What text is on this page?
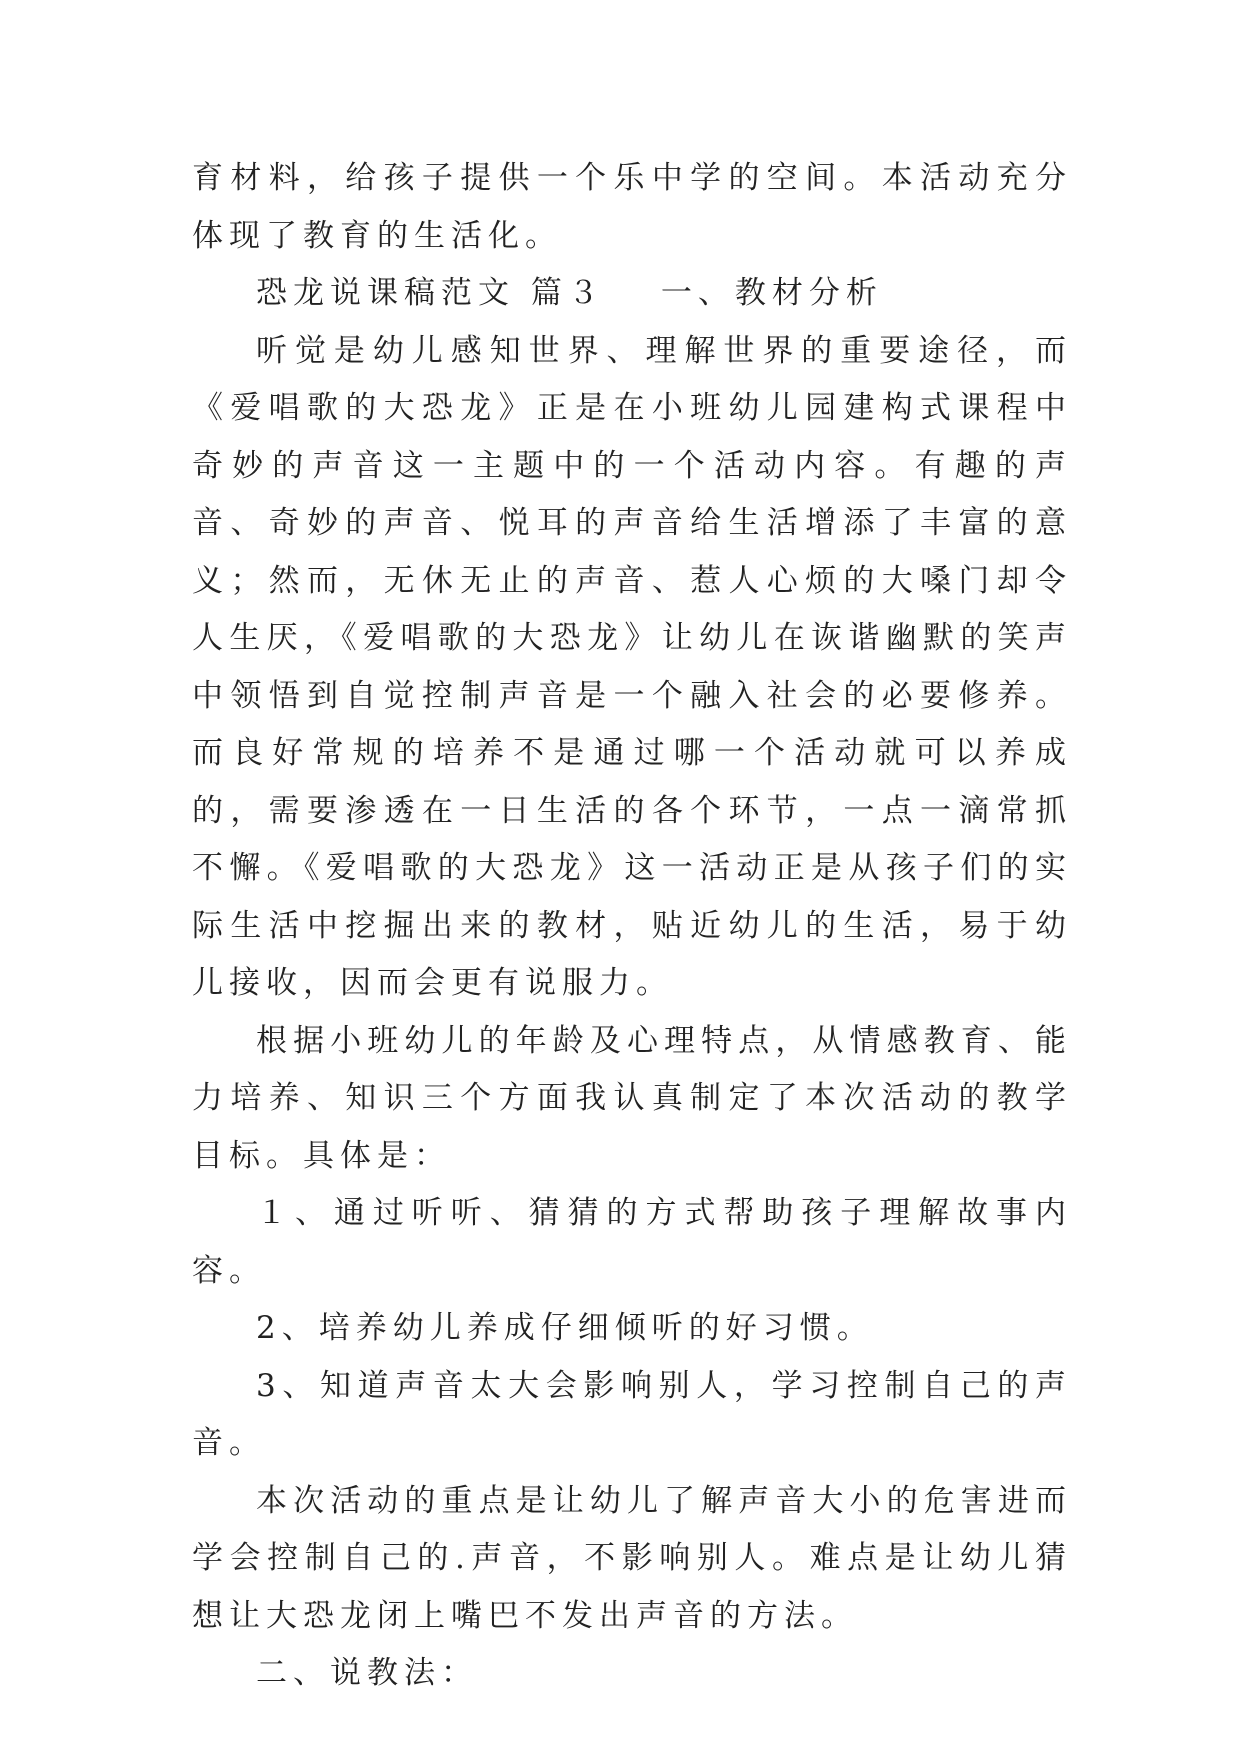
育材料，给孩子提供一个乐中学的空间。本活动充分体现了教育的生活化。

恐龙说课稿范文 篇３ 一、教材分析

听觉是幼儿感知世界、理解世界的重要途径，而《爱唱歌的大恐龙》正是在小班幼儿园建构式课程中奇妙的声音这一主题中的一个活动内容。有趣的声音、奇妙的声音、悦耳的声音给生活增添了丰富的意义；然而，无休无止的声音、惹人心烦的大嗓门却令人生厌，《爱唱歌的大恐龙》让幼儿在诙谐幽默的笑声中领悟到自觉控制声音是一个融入社会的必要修养。而良好常规的培养不是通过哪一个活动就可以养成的，需要渗透在一日生活的各个环节，一点一滴常抓不懈。《爱唱歌的大恐龙》这一活动正是从孩子们的实际生活中挖掘出来的教材，贴近幼儿的生活，易于幼儿接收，因而会更有说服力。

根据小班幼儿的年龄及心理特点，从情感教育、能力培养、知识三个方面我认真制定了本次活动的教学目标。具体是：

１、通过听听、猜猜的方式帮助孩子理解故事内容。

2、培养幼儿养成仔细倾听的好习惯。

3、知道声音太大会影响别人，学习控制自己的声音。

本次活动的重点是让幼儿了解声音大小的危害进而学会控制自己的.声音，不影响别人。难点是让幼儿猜想让大恐龙闭上嘴巴不发出声音的方法。

二、说教法：
